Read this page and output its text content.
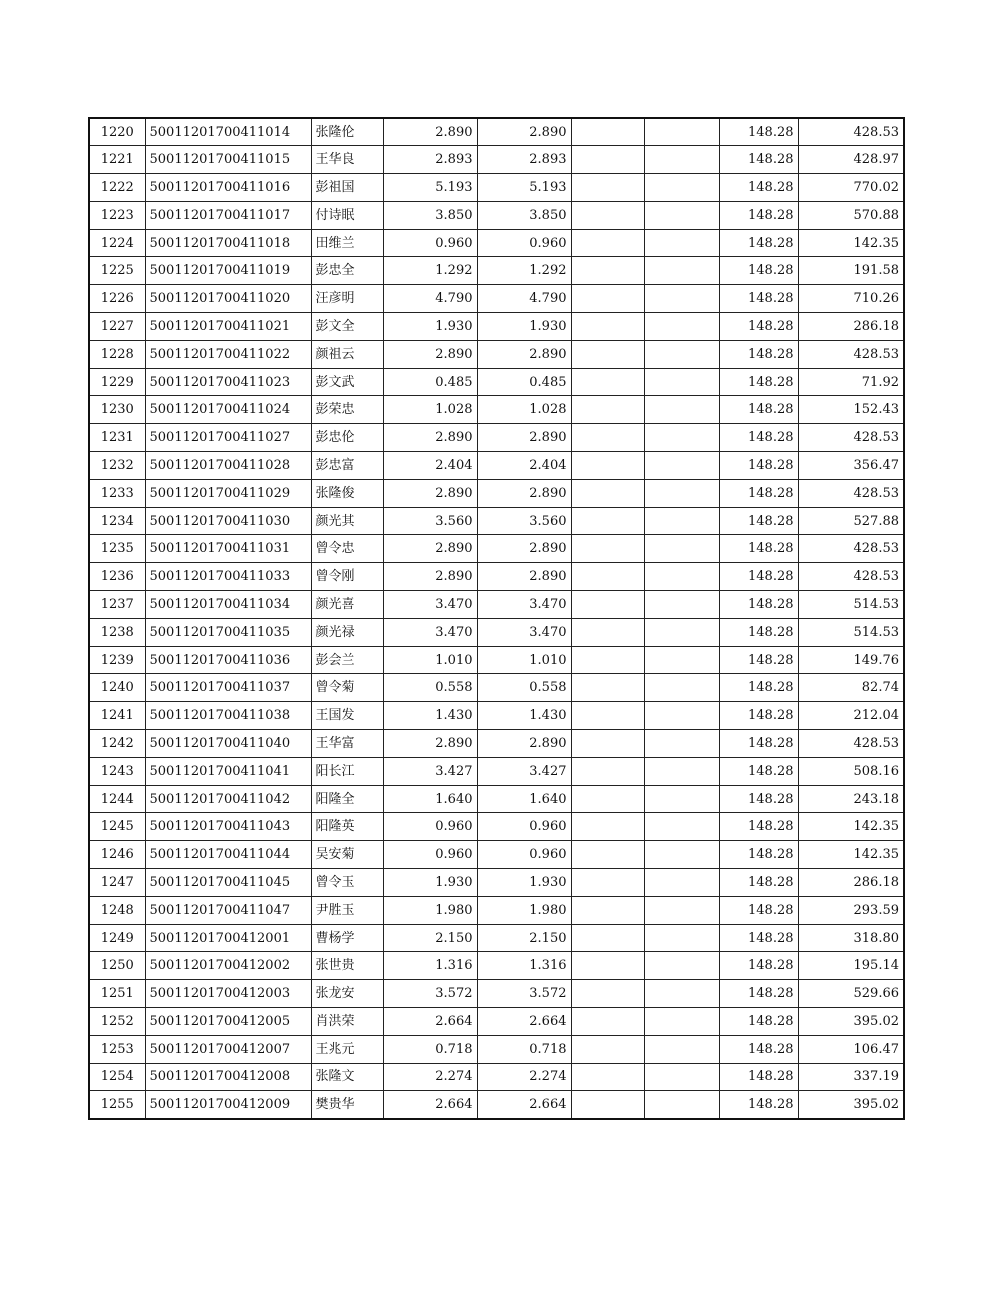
1220	50011201700411014	张隆伦	2.890	2.890			148.28	428.53
1221	50011201700411015	王华良	2.893	2.893			148.28	428.97
1222	50011201700411016	彭祖国	5.193	5.193			148.28	770.02
1223	50011201700411017	付诗眠	3.850	3.850			148.28	570.88
1224	50011201700411018	田维兰	0.960	0.960			148.28	142.35
1225	50011201700411019	彭忠全	1.292	1.292			148.28	191.58
1226	50011201700411020	汪彦明	4.790	4.790			148.28	710.26
1227	50011201700411021	彭文全	1.930	1.930			148.28	286.18
1228	50011201700411022	颜祖云	2.890	2.890			148.28	428.53
1229	50011201700411023	彭文武	0.485	0.485			148.28	71.92
1230	50011201700411024	彭荣忠	1.028	1.028			148.28	152.43
1231	50011201700411027	彭忠伦	2.890	2.890			148.28	428.53
1232	50011201700411028	彭忠富	2.404	2.404			148.28	356.47
1233	50011201700411029	张隆俊	2.890	2.890			148.28	428.53
1234	50011201700411030	颜光其	3.560	3.560			148.28	527.88
1235	50011201700411031	曾令忠	2.890	2.890			148.28	428.53
1236	50011201700411033	曾令刚	2.890	2.890			148.28	428.53
1237	50011201700411034	颜光喜	3.470	3.470			148.28	514.53
1238	50011201700411035	颜光禄	3.470	3.470			148.28	514.53
1239	50011201700411036	彭会兰	1.010	1.010			148.28	149.76
1240	50011201700411037	曾令菊	0.558	0.558			148.28	82.74
1241	50011201700411038	王国发	1.430	1.430			148.28	212.04
1242	50011201700411040	王华富	2.890	2.890			148.28	428.53
1243	50011201700411041	阳长江	3.427	3.427			148.28	508.16
1244	50011201700411042	阳隆全	1.640	1.640			148.28	243.18
1245	50011201700411043	阳隆英	0.960	0.960			148.28	142.35
1246	50011201700411044	吴安菊	0.960	0.960			148.28	142.35
1247	50011201700411045	曾令玉	1.930	1.930			148.28	286.18
1248	50011201700411047	尹胜玉	1.980	1.980			148.28	293.59
1249	50011201700412001	曹杨学	2.150	2.150			148.28	318.80
1250	50011201700412002	张世贵	1.316	1.316			148.28	195.14
1251	50011201700412003	张龙安	3.572	3.572			148.28	529.66
1252	50011201700412005	肖洪荣	2.664	2.664			148.28	395.02
1253	50011201700412007	王兆元	0.718	0.718			148.28	106.47
1254	50011201700412008	张隆文	2.274	2.274			148.28	337.19
1255	50011201700412009	樊贵华	2.664	2.664			148.28	395.02
